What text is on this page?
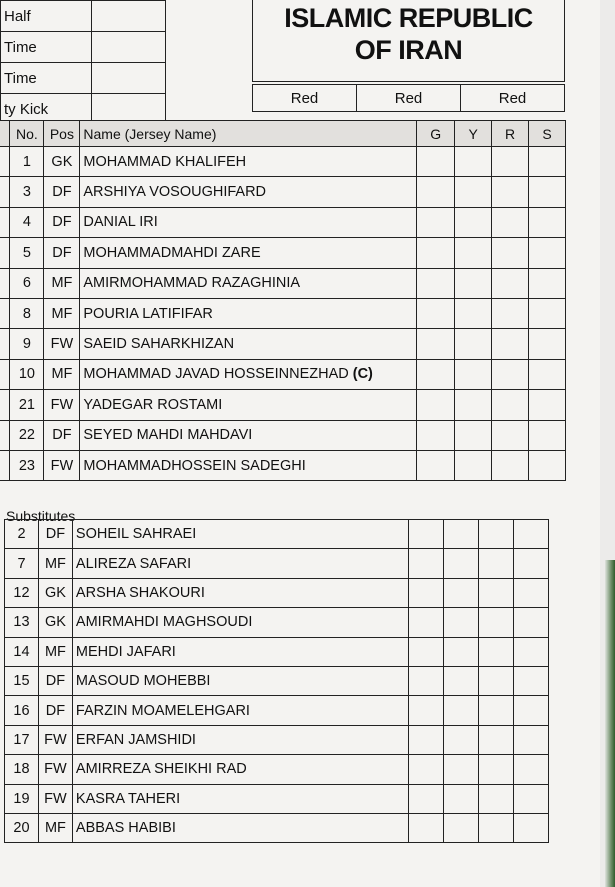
Half	
Time	
Time	
ty Kick	
ISLAMIC REPUBLIC
OF IRAN
Red	Red	Red
	No.	Pos	Name (Jersey Name)	G	Y	R	S
	1	GK	MOHAMMAD KHALIFEH				
	3	DF	ARSHIYA VOSOUGHIFARD				
	4	DF	DANIAL IRI				
	5	DF	MOHAMMADMAHDI ZARE				
	6	MF	AMIRMOHAMMAD RAZAGHINIA				
	8	MF	POURIA LATIFIFAR				
	9	FW	SAEID SAHARKHIZAN				
	10	MF	MOHAMMAD JAVAD HOSSEINNEZHAD (C)				
	21	FW	YADEGAR ROSTAMI				
	22	DF	SEYED MAHDI MAHDAVI				
	23	FW	MOHAMMADHOSSEIN SADEGHI				
Substitutes
2	DF	SOHEIL SAHRAEI				
7	MF	ALIREZA SAFARI				
12	GK	ARSHA SHAKOURI				
13	GK	AMIRMAHDI MAGHSOUDI				
14	MF	MEHDI JAFARI				
15	DF	MASOUD MOHEBBI				
16	DF	FARZIN MOAMELEHGARI				
17	FW	ERFAN JAMSHIDI				
18	FW	AMIRREZA SHEIKHI RAD				
19	FW	KASRA TAHERI				
20	MF	ABBAS HABIBI				
